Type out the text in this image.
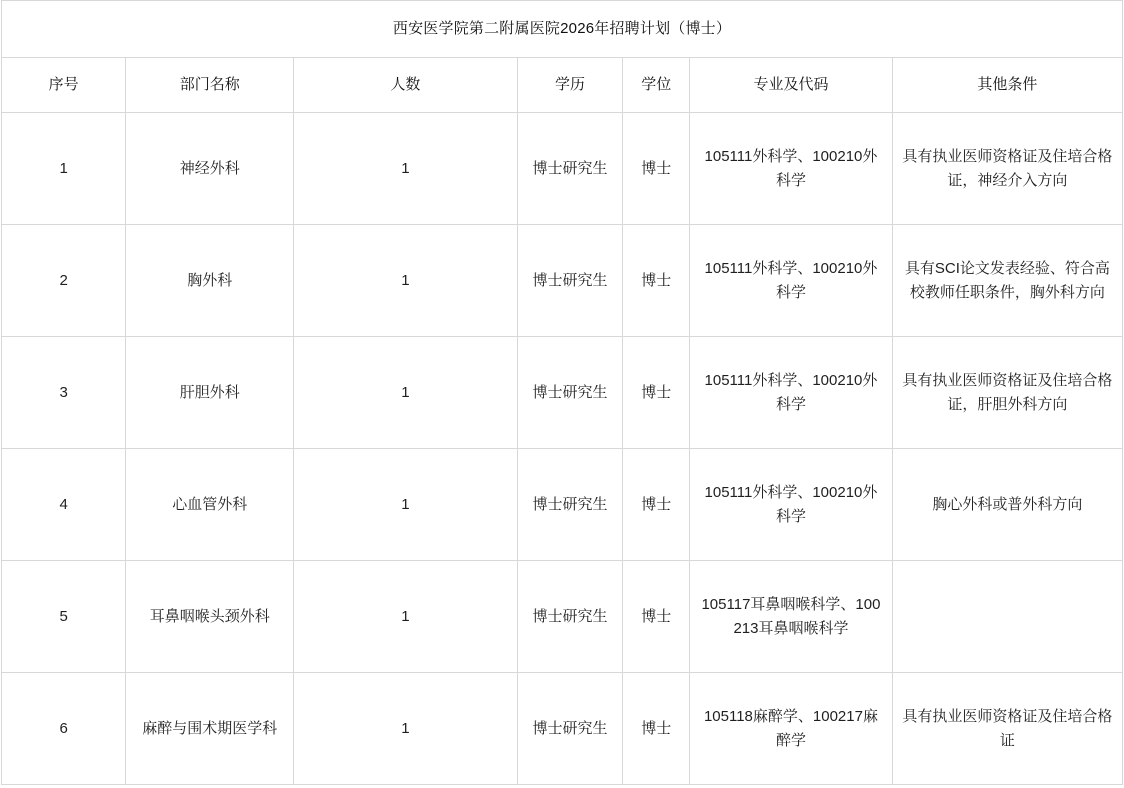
西安医学院第二附属医院2026年招聘计划（博士）						
序号	部门名称	人数	学历	学位	专业及代码	其他条件
1	神经外科	1	博士研究生	博士	105111外科学、100210外科学	具有执业医师资格证及住培合格证，神经介入方向
2	胸外科	1	博士研究生	博士	105111外科学、100210外科学	具有SCI论文发表经验、符合高校教师任职条件，胸外科方向
3	肝胆外科	1	博士研究生	博士	105111外科学、100210外科学	具有执业医师资格证及住培合格证，肝胆外科方向
4	心血管外科	1	博士研究生	博士	105111外科学、100210外科学	胸心外科或普外科方向
5	耳鼻咽喉头颈外科	1	博士研究生	博士	105117耳鼻咽喉科学、100213耳鼻咽喉科学	
6	麻醉与围术期医学科	1	博士研究生	博士	105118麻醉学、100217麻醉学	具有执业医师资格证及住培合格证
